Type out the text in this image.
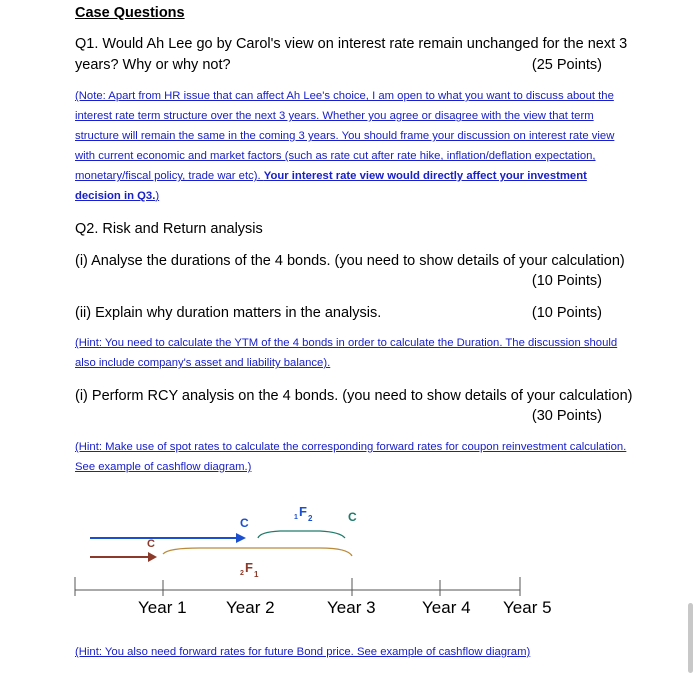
Case Questions
Q1. Would Ah Lee go by Carol's view on interest rate remain unchanged for the next 3
years? Why or why not?	(25 Points)
(Note: Apart from HR issue that can affect Ah Lee's choice, I am open to what you want to discuss about the
interest rate term structure over the next 3 years. Whether you agree or disagree with the view that term
structure will remain the same in the coming 3 years. You should frame your discussion on interest rate view
with current economic and market factors (such as rate cut after rate hike, inflation/deflation expectation,
monetary/fiscal policy, trade war etc). Your interest rate view would directly affect your investment
decision in Q3.)
Q2. Risk and Return analysis
(i) Analyse the durations of the 4 bonds. (you need to show details of your calculation)
(10 Points)
(ii) Explain why duration matters in the analysis.	(10 Points)
(Hint: You need to calculate the YTM of the 4 bonds in order to calculate the Duration. The discussion should
also include company's asset and liability balance).
(i) Perform RCY analysis on the 4 bonds. (you need to show details of your calculation)
(30 Points)
(Hint: Make use of spot rates to calculate the corresponding forward rates for coupon reinvestment calculation.
See example of cashflow diagram.)
C	C
C
1 F 2
2 F 1
Year 1 Year 2	Year 3	Year 4 Year 5
(Hint: You also need forward rates for future Bond price. See example of cashflow diagram)
